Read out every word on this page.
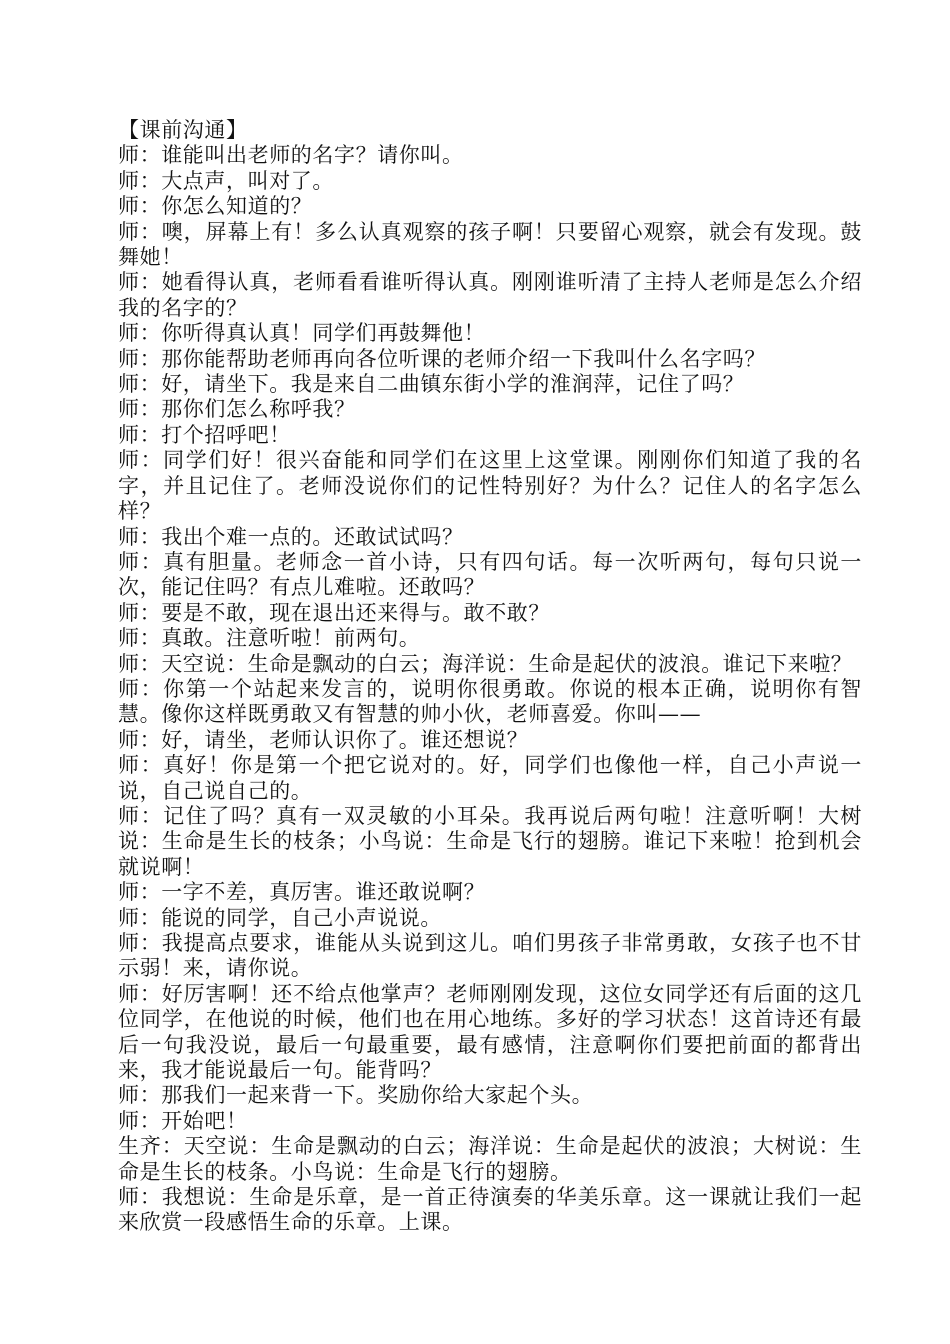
【课前沟通】

师：谁能叫出老师的名字？请你叫。

师：大点声，叫对了。

师：你怎么知道的？

师：噢，屏幕上有！多么认真观察的孩子啊！只要留心观察，就会有发现。鼓舞她！

师：她看得认真，老师看看谁听得认真。刚刚谁听清了主持人老师是怎么介绍我的名字的？

师：你听得真认真！同学们再鼓舞他！

师：那你能帮助老师再向各位听课的老师介绍一下我叫什么名字吗？

师：好，请坐下。我是来自二曲镇东街小学的淮润萍，记住了吗？

师：那你们怎么称呼我？

师：打个招呼吧！

师：同学们好！很兴奋能和同学们在这里上这堂课。刚刚你们知道了我的名字，并且记住了。老师没说你们的记性特别好？为什么？记住人的名字怎么样？

师：我出个难一点的。还敢试试吗？

师：真有胆量。老师念一首小诗，只有四句话。每一次听两句，每句只说一次，能记住吗？有点儿难啦。还敢吗？

师：要是不敢，现在退出还来得与。敢不敢？

师：真敢。注意听啦！前两句。

师：天空说：生命是飘动的白云；海洋说：生命是起伏的波浪。谁记下来啦？

师：你第一个站起来发言的，说明你很勇敢。你说的根本正确，说明你有智慧。像你这样既勇敢又有智慧的帅小伙，老师喜爱。你叫——

师：好，请坐，老师认识你了。谁还想说？

师：真好！你是第一个把它说对的。好，同学们也像他一样，自己小声说一说，自己说自己的。

师：记住了吗？真有一双灵敏的小耳朵。我再说后两句啦！注意听啊！大树说：生命是生长的枝条；小鸟说：生命是飞行的翅膀。谁记下来啦！抢到机会就说啊！

师：一字不差，真厉害。谁还敢说啊？

师：能说的同学，自己小声说说。

师：我提高点要求，谁能从头说到这儿。咱们男孩子非常勇敢，女孩子也不甘示弱！来，请你说。

师：好厉害啊！还不给点他掌声？老师刚刚发现，这位女同学还有后面的这几位同学，在他说的时候，他们也在用心地练。多好的学习状态！这首诗还有最后一句我没说，最后一句最重要，最有感情，注意啊你们要把前面的都背出来，我才能说最后一句。能背吗？

师：那我们一起来背一下。奖励你给大家起个头。

师：开始吧！

生齐：天空说：生命是飘动的白云；海洋说：生命是起伏的波浪；大树说：生命是生长的枝条。小鸟说：生命是飞行的翅膀。

师：我想说：生命是乐章，是一首正待演奏的华美乐章。这一课就让我们一起来欣赏一段感悟生命的乐章。上课。
